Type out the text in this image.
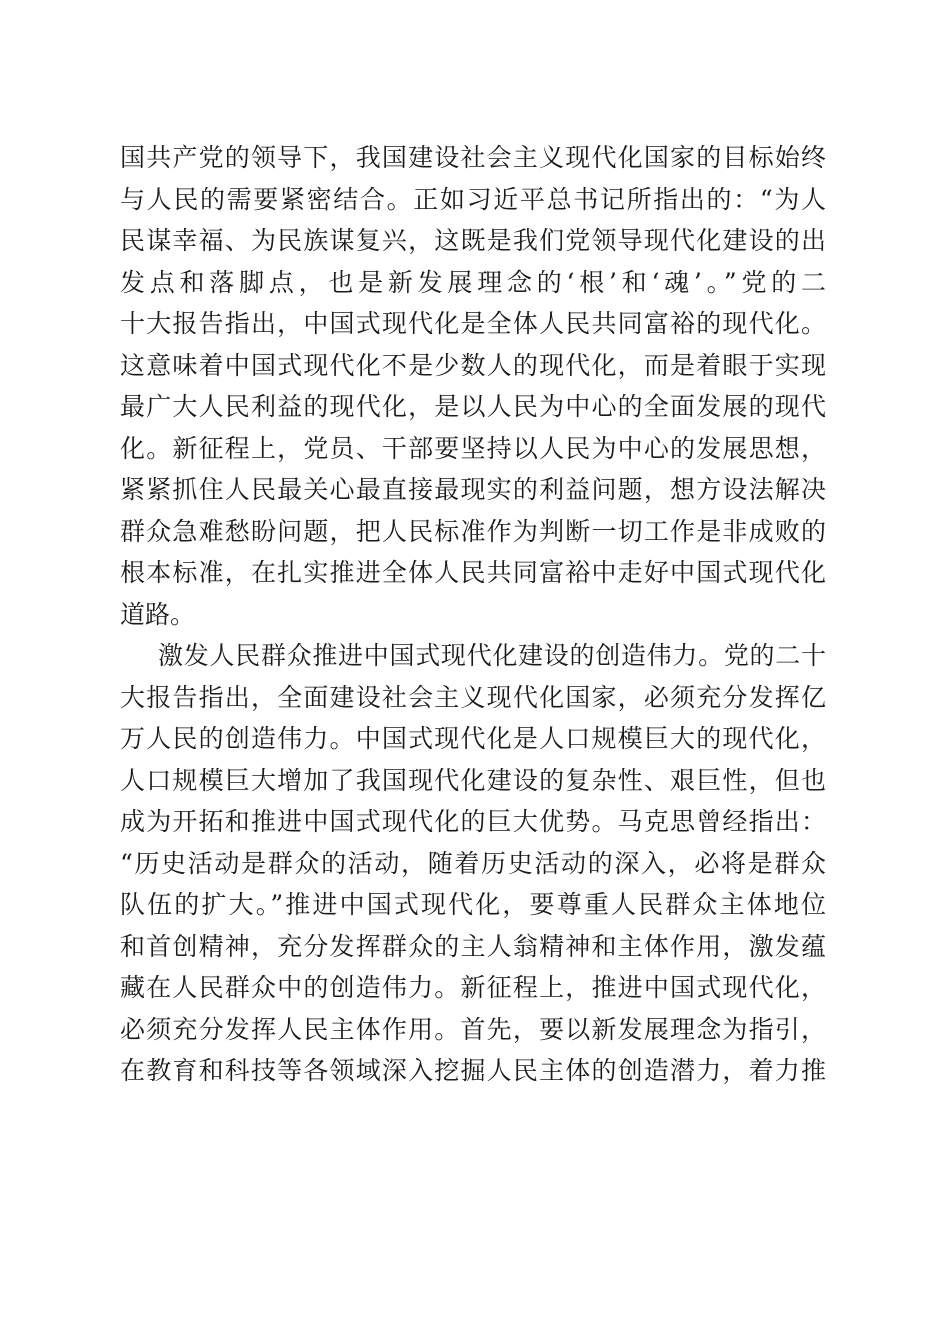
国共产党的领导下，我国建设社会主义现代化国家的目标始终
与人民的需要紧密结合。正如习近平总书记所指出的：“为人
民谋幸福、为民族谋复兴，这既是我们党领导现代化建设的出
发点和落脚点，也是新发展理念的‘根’和‘魂’。”党的二
十大报告指出，中国式现代化是全体人民共同富裕的现代化。
这意味着中国式现代化不是少数人的现代化，而是着眼于实现
最广大人民利益的现代化，是以人民为中心的全面发展的现代
化。新征程上，党员、干部要坚持以人民为中心的发展思想，
紧紧抓住人民最关心最直接最现实的利益问题，想方设法解决
群众急难愁盼问题，把人民标准作为判断一切工作是非成败的
根本标准，在扎实推进全体人民共同富裕中走好中国式现代化
道路。
激发人民群众推进中国式现代化建设的创造伟力。党的二十
大报告指出，全面建设社会主义现代化国家，必须充分发挥亿
万人民的创造伟力。中国式现代化是人口规模巨大的现代化，
人口规模巨大增加了我国现代化建设的复杂性、艰巨性，但也
成为开拓和推进中国式现代化的巨大优势。马克思曾经指出：
“历史活动是群众的活动，随着历史活动的深入，必将是群众
队伍的扩大。”推进中国式现代化，要尊重人民群众主体地位
和首创精神，充分发挥群众的主人翁精神和主体作用，激发蕴
藏在人民群众中的创造伟力。新征程上，推进中国式现代化，
必须充分发挥人民主体作用。首先，要以新发展理念为指引，
在教育和科技等各领域深入挖掘人民主体的创造潜力，着力推
